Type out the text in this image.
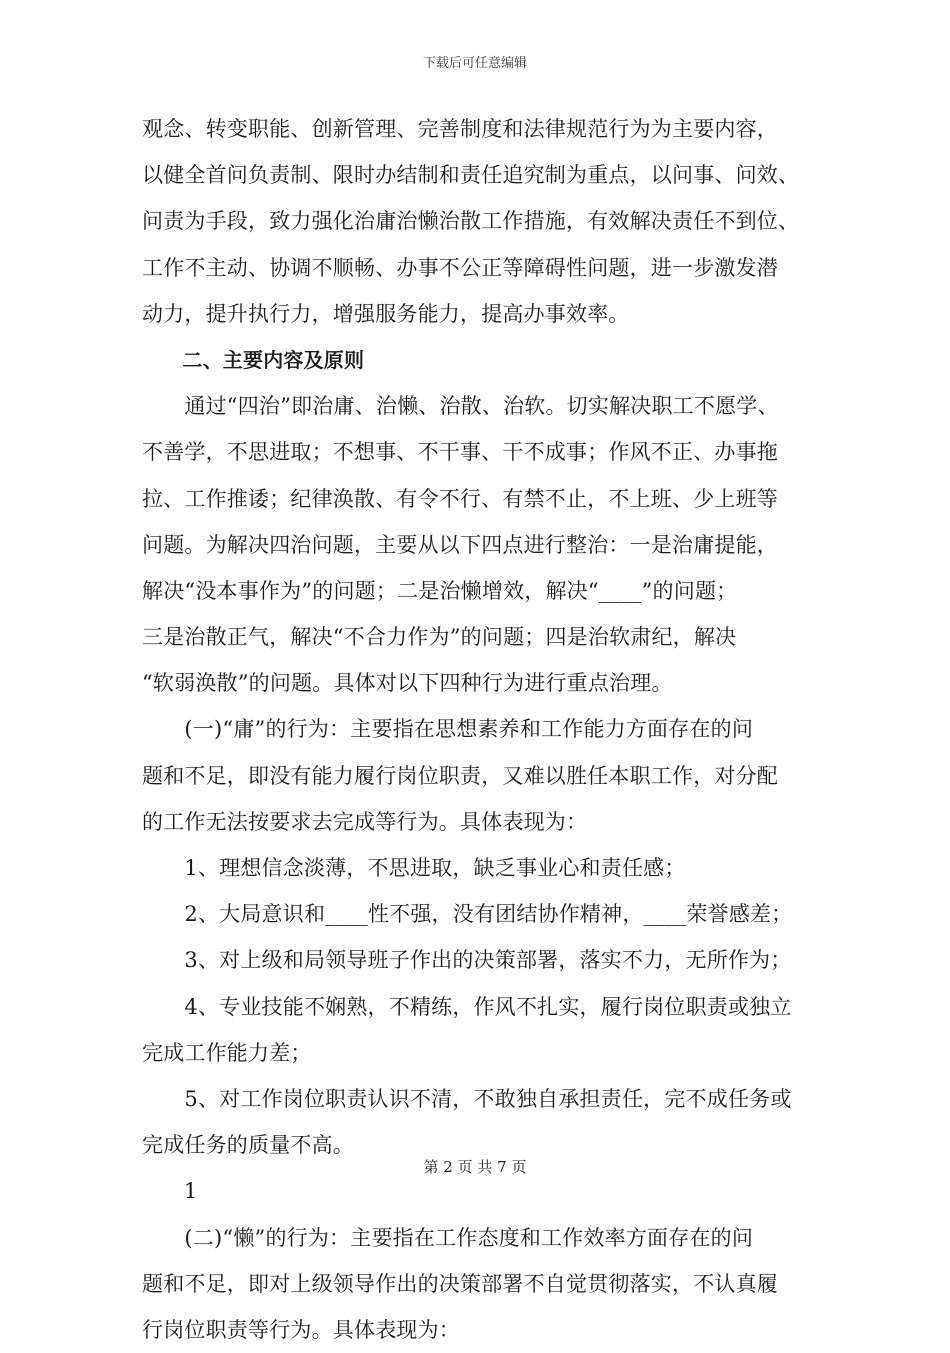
下载后可任意编辑
观念、转变职能、创新管理、完善制度和法律规范行为为主要内容，
以健全首问负责制、限时办结制和责任追究制为重点，以问事、问效、
问责为手段，致力强化治庸治懒治散工作措施，有效解决责任不到位、
工作不主动、协调不顺畅、办事不公正等障碍性问题，进一步激发潜
动力，提升执行力，增强服务能力，提高办事效率。
　　二、主要内容及原则
　　通过“四治”即治庸、治懒、治散、治软。切实解决职工不愿学、
不善学，不思进取；不想事、不干事、干不成事；作风不正、办事拖
拉、工作推诿；纪律涣散、有令不行、有禁不止，不上班、少上班等
问题。为解决四治问题，主要从以下四点进行整治：一是治庸提能，
解决“没本事作为”的问题；二是治懒增效，解决“____”的问题；
三是治散正气，解决“不合力作为”的问题；四是治软肃纪，解决
“软弱涣散”的问题。具体对以下四种行为进行重点治理。
　　(一)“庸”的行为：主要指在思想素养和工作能力方面存在的问
题和不足，即没有能力履行岗位职责，又难以胜任本职工作，对分配
的工作无法按要求去完成等行为。具体表现为：
　　1、理想信念淡薄，不思进取，缺乏事业心和责任感；
　　2、大局意识和____性不强，没有团结协作精神，____荣誉感差；
　　3、对上级和局领导班子作出的决策部署，落实不力，无所作为；
　　4、专业技能不娴熟，不精练，作风不扎实，履行岗位职责或独立
完成工作能力差；
　　5、对工作岗位职责认识不清，不敢独自承担责任，完不成任务或
完成任务的质量不高。
1
　　(二)“懒”的行为：主要指在工作态度和工作效率方面存在的问
题和不足，即对上级领导作出的决策部署不自觉贯彻落实，不认真履
行岗位职责等行为。具体表现为：
第 2 页 共 7 页
